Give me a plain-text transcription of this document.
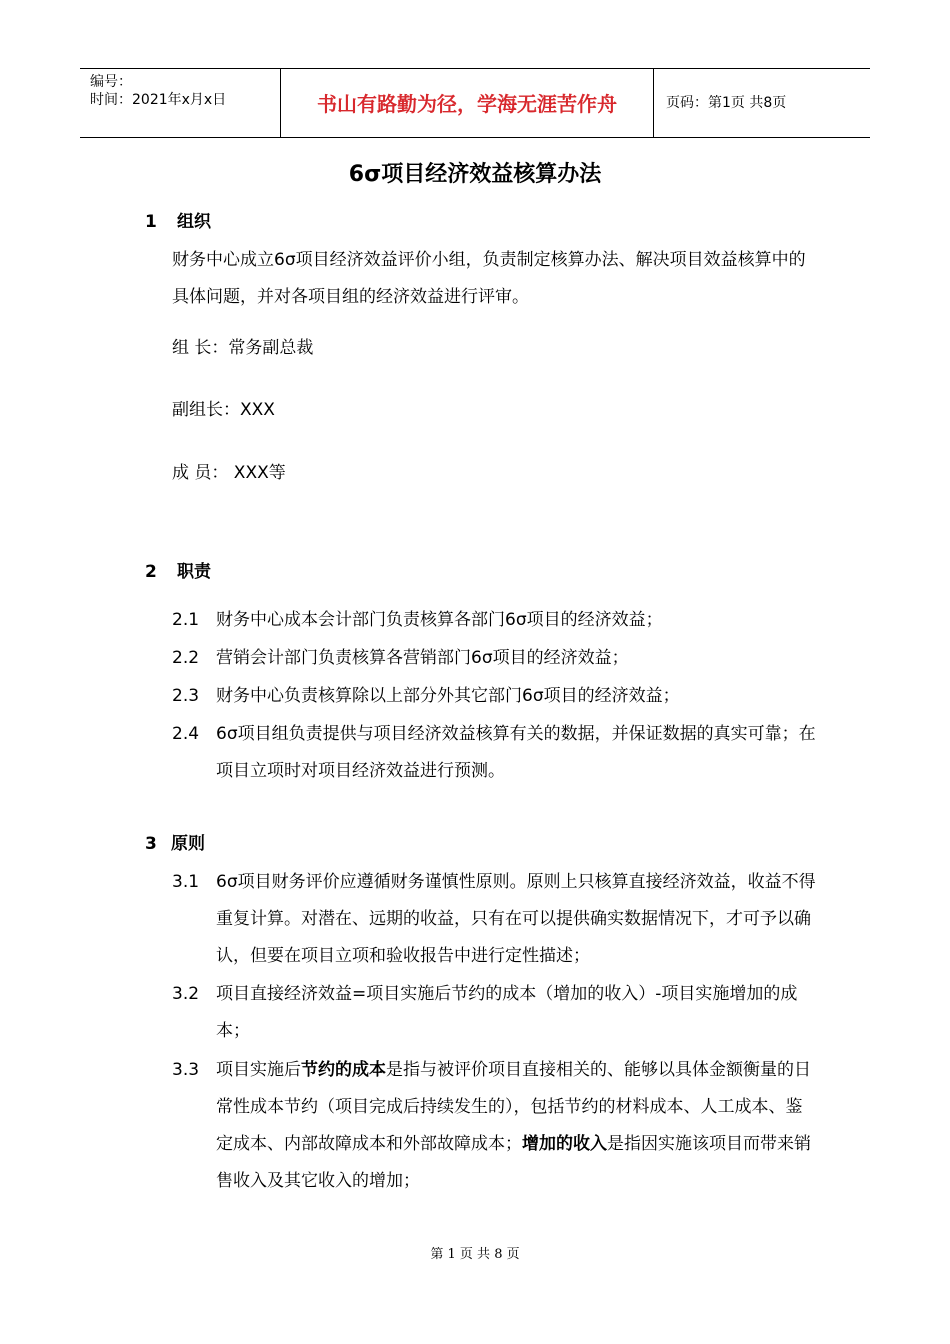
编号：
时间：2021年x月x日	书山有路勤为径，学海无涯苦作舟	页码：第1页 共8页
6σ项目经济效益核算办法
1 组织
财务中心成立6σ项目经济效益评价小组，负责制定核算办法、解决项目效益核算中的具体问题，并对各项目组的经济效益进行评审。
组 长：常务副总裁
副组长：XXX
成 员： XXX等
2 职责
2.1 财务中心成本会计部门负责核算各部门6σ项目的经济效益；
2.2 营销会计部门负责核算各营销部门6σ项目的经济效益；
2.3 财务中心负责核算除以上部分外其它部门6σ项目的经济效益；
2.4 6σ项目组负责提供与项目经济效益核算有关的数据，并保证数据的真实可靠；在项目立项时对项目经济效益进行预测。
3 原则
3.1 6σ项目财务评价应遵循财务谨慎性原则。原则上只核算直接经济效益，收益不得重复计算。对潜在、远期的收益，只有在可以提供确实数据情况下，才可予以确认，但要在项目立项和验收报告中进行定性描述；
3.2 项目直接经济效益=项目实施后节约的成本（增加的收入）-项目实施增加的成本；
3.3 项目实施后节约的成本是指与被评价项目直接相关的、能够以具体金额衡量的日常性成本节约（项目完成后持续发生的），包括节约的材料成本、人工成本、鉴定成本、内部故障成本和外部故障成本；增加的收入是指因实施该项目而带来销售收入及其它收入的增加；
第 1 页 共 8 页
